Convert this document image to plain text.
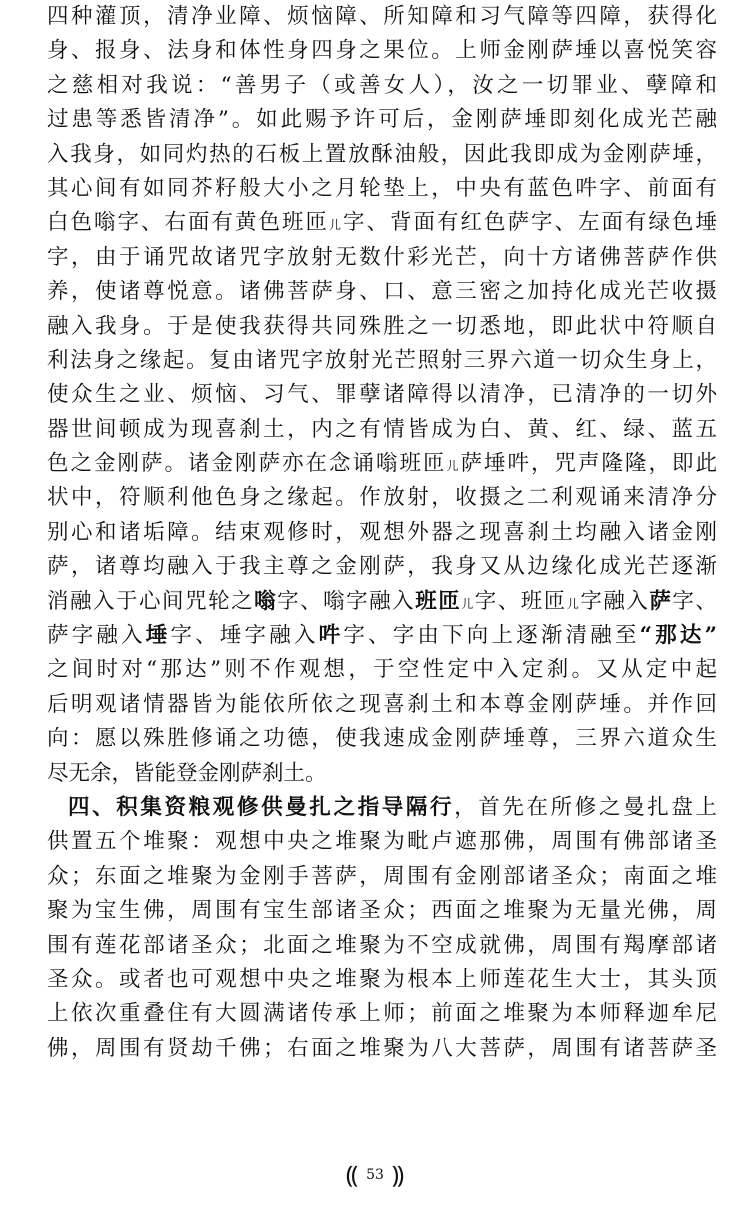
四种灌顶，清净业障、烦恼障、所知障和习气障等四障，获得化
身、报身、法身和体性身四身之果位。上师金刚萨埵以喜悦笑容
之慈相对我说：“善男子（或善女人），汝之一切罪业、孽障和
过患等悉皆清净”。如此赐予许可后，金刚萨埵即刻化成光芒融
入我身，如同灼热的石板上置放酥油般，因此我即成为金刚萨埵，
其心间有如同芥籽般大小之月轮垫上，中央有蓝色吽字、前面有
白色嗡字、右面有黄色班匝儿字、背面有红色萨字、左面有绿色埵
字，由于诵咒故诸咒字放射无数什彩光芒，向十方诸佛菩萨作供
养，使诸尊悦意。诸佛菩萨身、口、意三密之加持化成光芒收摄
融入我身。于是使我获得共同殊胜之一切悉地，即此状中符顺自
利法身之缘起。复由诸咒字放射光芒照射三界六道一切众生身上，
使众生之业、烦恼、习气、罪孽诸障得以清净，已清净的一切外
器世间顿成为现喜刹土，内之有情皆成为白、黄、红、绿、蓝五
色之金刚萨。诸金刚萨亦在念诵嗡班匝儿萨埵吽，咒声隆隆，即此
状中，符顺利他色身之缘起。作放射，收摄之二利观诵来清净分
别心和诸垢障。结束观修时，观想外器之现喜刹土均融入诸金刚
萨，诸尊均融入于我主尊之金刚萨，我身又从边缘化成光芒逐渐
消融入于心间咒轮之嗡字、嗡字融入班匝儿字、班匝儿字融入萨字、
萨字融入埵字、埵字融入吽字、字由下向上逐渐清融至“那达”
之间时对“那达”则不作观想，于空性定中入定刹。又从定中起
后明观诸情器皆为能依所依之现喜刹土和本尊金刚萨埵。并作回
向：愿以殊胜修诵之功德，使我速成金刚萨埵尊，三界六道众生
尽无余，皆能登金刚萨刹土。
四、积集资粮观修供曼扎之指导隔行，首先在所修之曼扎盘上
供置五个堆聚：观想中央之堆聚为毗卢遮那佛，周围有佛部诸圣
众；东面之堆聚为金刚手菩萨，周围有金刚部诸圣众；南面之堆
聚为宝生佛，周围有宝生部诸圣众；西面之堆聚为无量光佛，周
围有莲花部诸圣众；北面之堆聚为不空成就佛，周围有羯摩部诸
圣众。或者也可观想中央之堆聚为根本上师莲花生大士，其头顶
上依次重叠住有大圆满诸传承上师；前面之堆聚为本师释迦牟尼
佛，周围有贤劫千佛；右面之堆聚为八大菩萨，周围有诸菩萨圣
⸨ 53 ⸩
